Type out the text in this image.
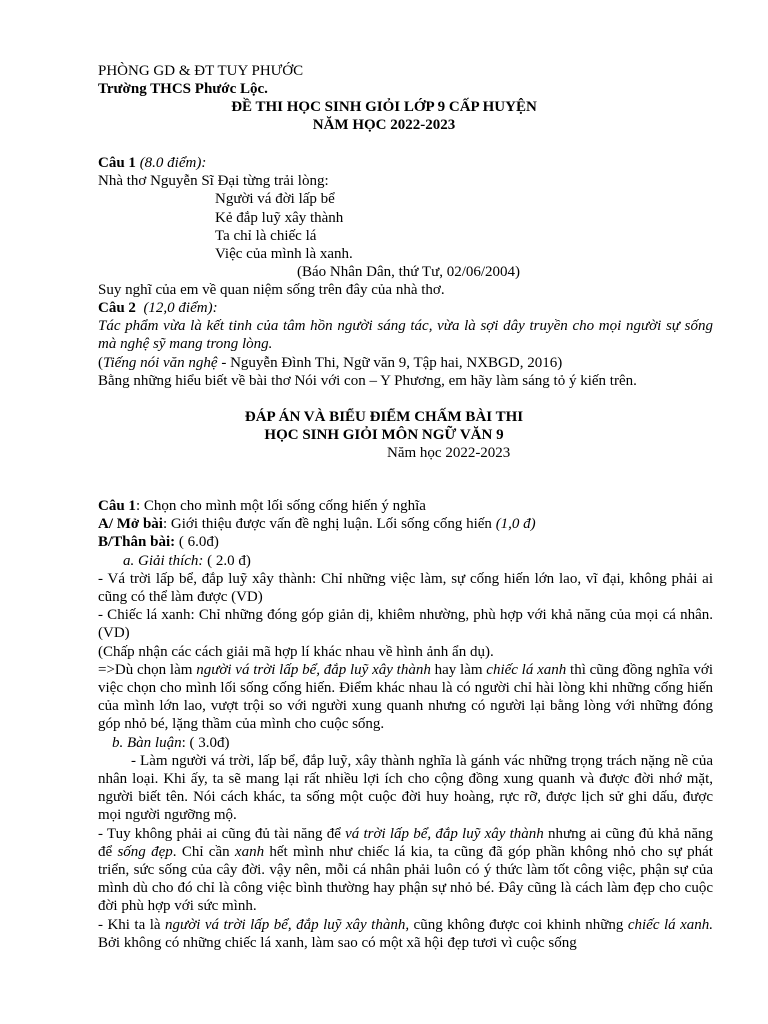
PHÒNG GD & ĐT TUY PHƯỚC
Trường THCS Phước Lộc.
ĐỀ THI HỌC SINH GIỎI LỚP 9 CẤP HUYỆN
NĂM HỌC 2022-2023
Câu 1 (8.0 điểm):
Nhà thơ Nguyễn Sĩ Đại từng trải lòng:
Người vá đời lấp bể
Kẻ đắp luỹ xây thành
Ta chỉ là chiếc lá
Việc của mình là xanh.
(Báo Nhân Dân, thứ Tư, 02/06/2004)
Suy nghĩ của em về quan niệm sống trên đây của nhà thơ.
Câu 2 (12,0 điểm):
Tác phẩm vừa là kết tinh của tâm hồn người sáng tác, vừa là sợi dây truyền cho mọi người sự sống mà nghệ sỹ mang trong lòng.
(Tiếng nói văn nghệ - Nguyễn Đình Thi, Ngữ văn 9, Tập hai, NXBGD, 2016)
Bằng những hiểu biết về bài thơ Nói với con – Y Phương, em hãy làm sáng tỏ ý kiến trên.
ĐÁP ÁN VÀ BIỂU ĐIỂM CHẤM BÀI THI
HỌC SINH GIỎI MÔN NGỮ VĂN 9
Năm học 2022-2023
Câu 1: Chọn cho mình một lối sống cống hiến ý nghĩa
A/ Mở bài: Giới thiệu được vấn đề nghị luận. Lối sống cống hiến (1,0 đ)
B/Thân bài: ( 6.0đ)
a. Giải thích: ( 2.0 đ)
- Vá trời lấp bể, đắp luỹ xây thành: Chỉ những việc làm, sự cống hiến lớn lao, vĩ đại, không phải ai cũng có thể làm được (VD)
- Chiếc lá xanh: Chỉ những đóng góp giản dị, khiêm nhường, phù hợp với khả năng của mọi cá nhân. (VD)
(Chấp nhận các cách giải mã hợp lí khác nhau về hình ảnh ẩn dụ).
=>Dù chọn làm người vá trời lấp bể, đắp luỹ xây thành hay làm chiếc lá xanh thì cũng đồng nghĩa với việc chọn cho mình lối sống cống hiến. Điểm khác nhau là có người chỉ hài lòng khi những cống hiến của mình lớn lao, vượt trội so với người xung quanh nhưng có người lại bằng lòng với những đóng góp nhỏ bé, lặng thầm của mình cho cuộc sống.
b. Bàn luận: ( 3.0đ)
- Làm người vá trời, lấp bể, đắp luỹ, xây thành nghĩa là gánh vác những trọng trách nặng nề của nhân loại. Khi ấy, ta sẽ mang lại rất nhiều lợi ích cho cộng đồng xung quanh và được đời nhớ mặt, người biết tên. Nói cách khác, ta sống một cuộc đời huy hoàng, rực rỡ, được lịch sử ghi dấu, được mọi người ngưỡng mộ.
- Tuy không phải ai cũng đủ tài năng để vá trời lấp bể, đắp luỹ xây thành nhưng ai cũng đủ khả năng để sống đẹp. Chỉ cần xanh hết mình như chiếc lá kia, ta cũng đã góp phần không nhỏ cho sự phát triển, sức sống của cây đời. vậy nên, mỗi cá nhân phải luôn có ý thức làm tốt công việc, phận sự của mình dù cho đó chỉ là công việc bình thường hay phận sự nhỏ bé. Đây cũng là cách làm đẹp cho cuộc đời phù hợp với sức mình.
- Khi ta là người vá trời lấp bể, đắp luỹ xây thành, cũng không được coi khinh những chiếc lá xanh. Bởi không có những chiếc lá xanh, làm sao có một xã hội đẹp tươi vì cuộc sống
